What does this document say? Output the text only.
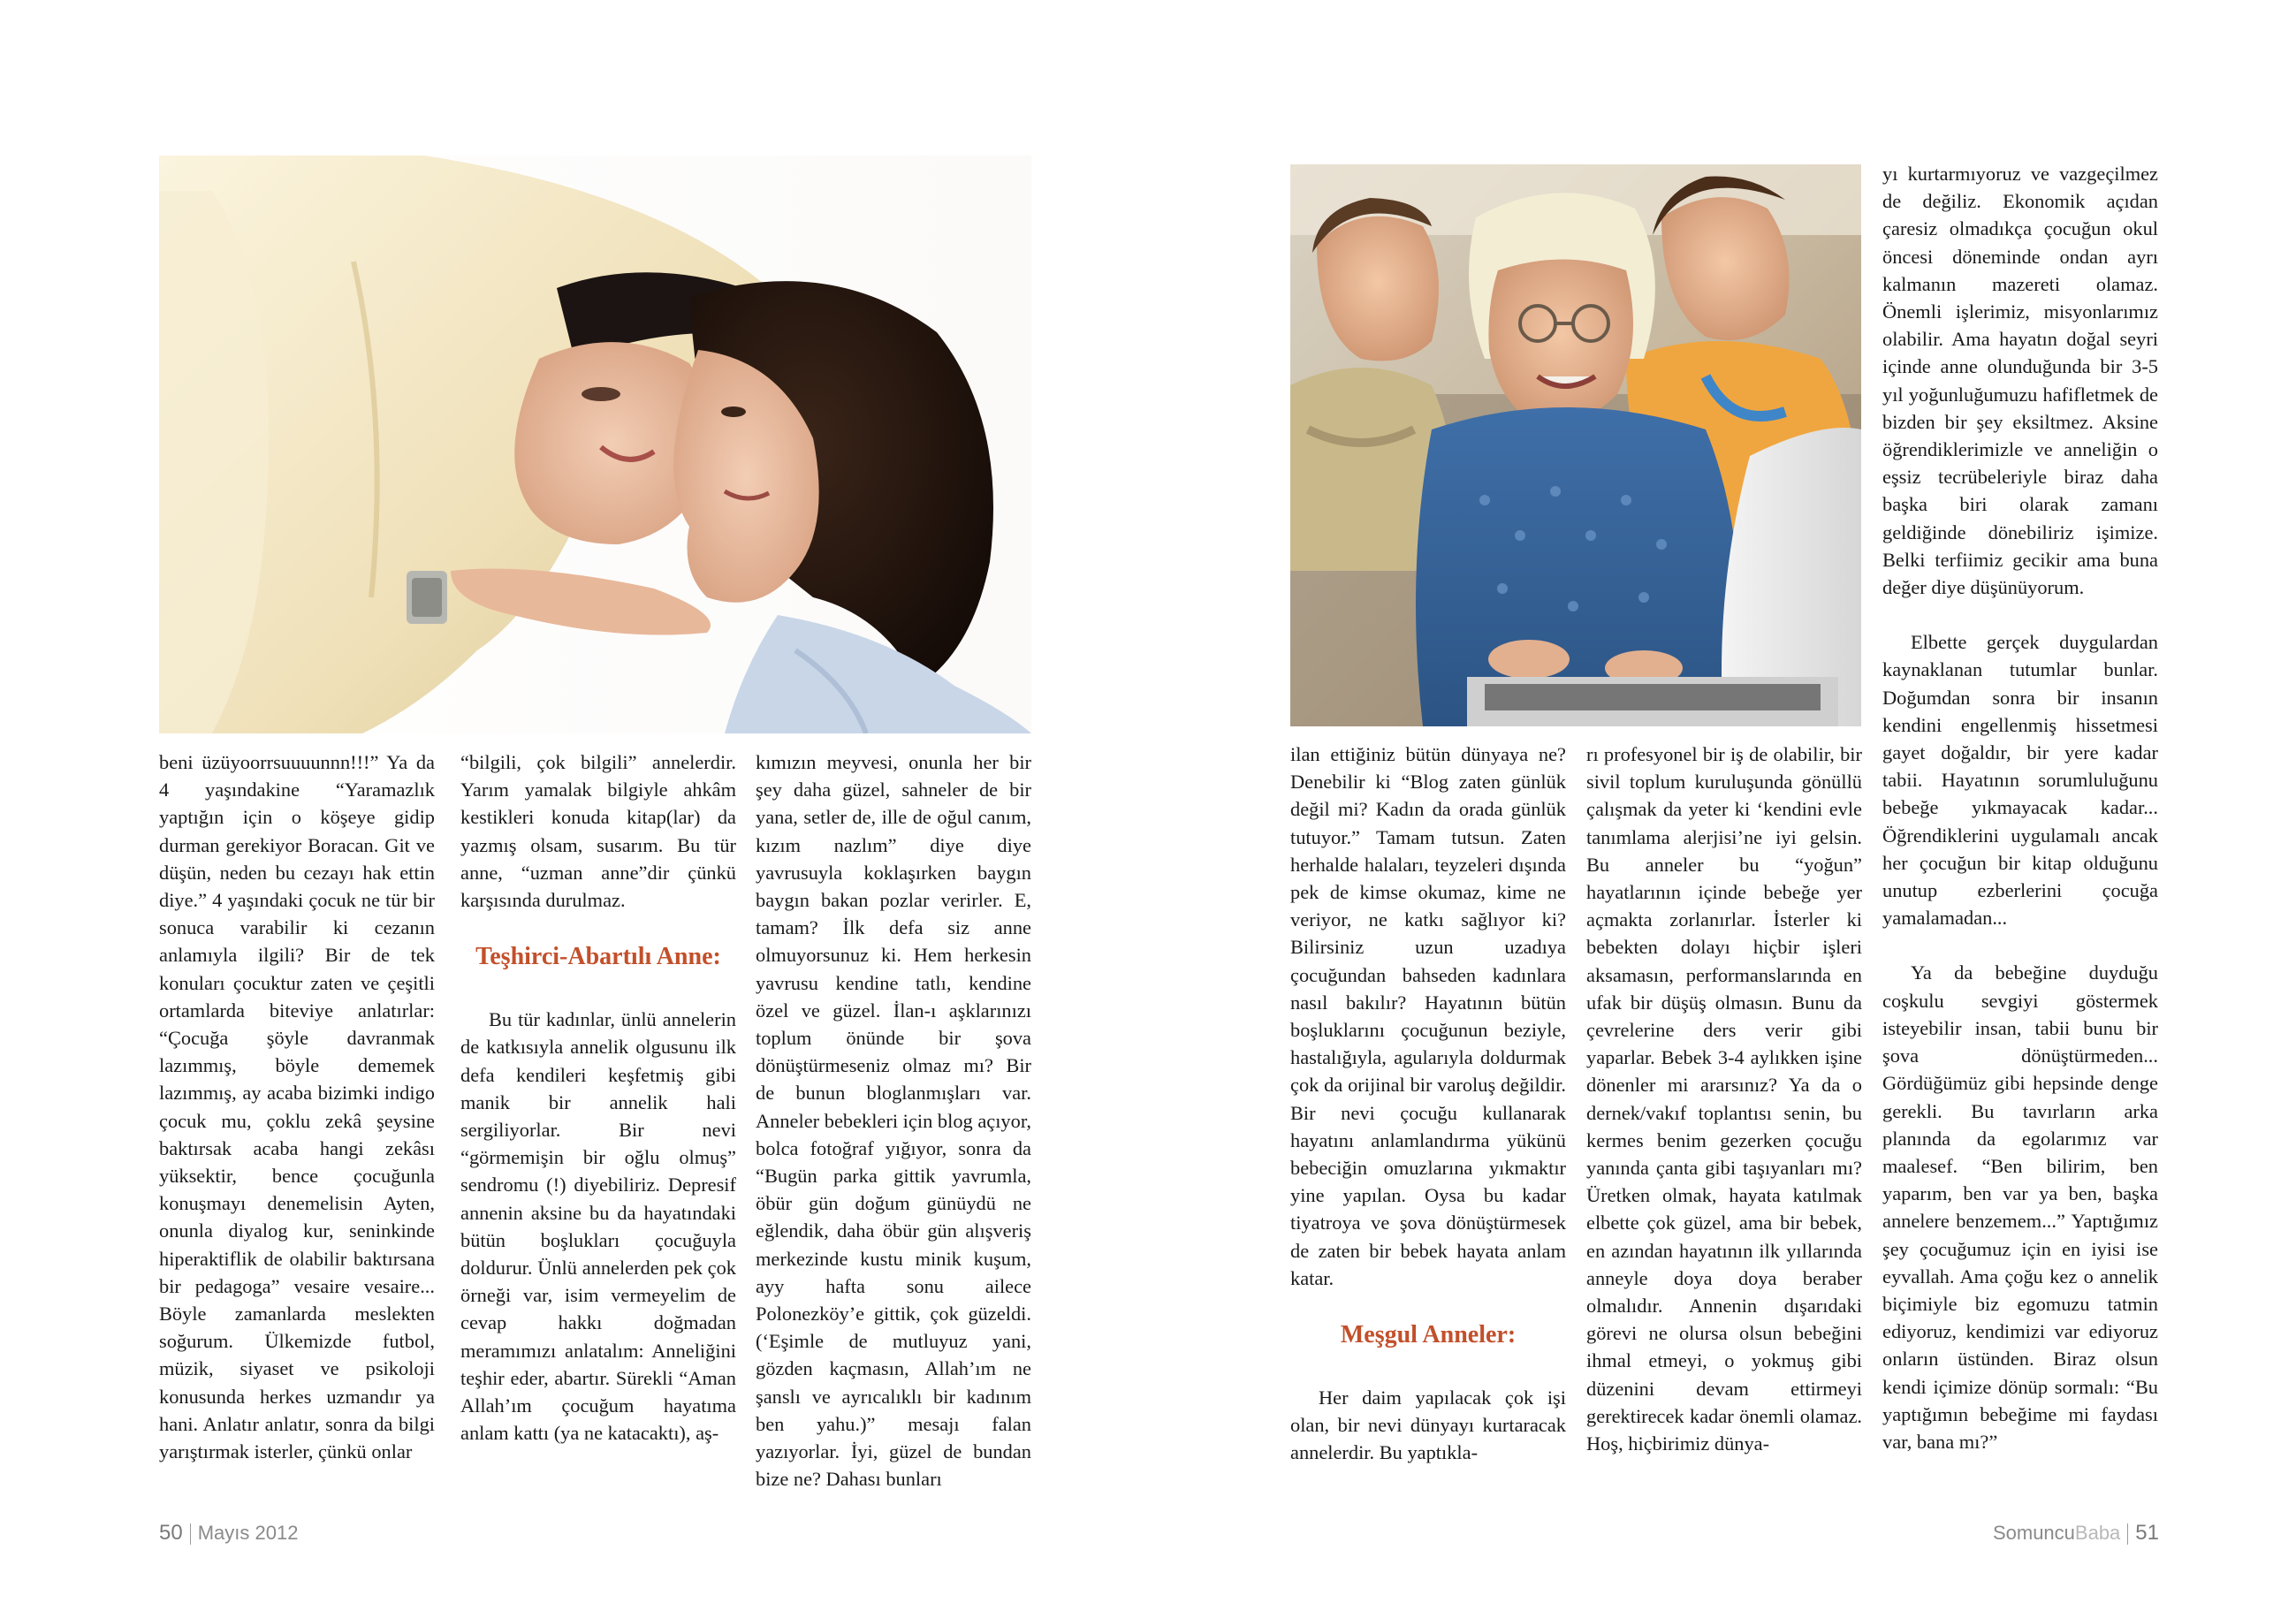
beni üzüyoorrsuuuunnn!!!” Ya da 4 yaşındakine “Yaramazlık yaptığın için o köşeye gidip durman gerekiyor Boracan. Git ve düşün, neden bu cezayı hak ettin diye.” 4 yaşındaki çocuk ne tür bir sonuca varabilir ki cezanın anlamıyla ilgili? Bir de tek konuları çocuktur zaten ve çeşitli ortamlarda biteviye anlatırlar: “Çocuğa şöyle davranmak lazımmış, böyle dememek lazımmış, ay acaba bizimki indigo çocuk mu, çoklu zekâ şeysine baktırsak acaba hangi zekâsı yüksektir, bence çocuğunla konuşmayı denemelisin Ayten, onunla diyalog kur, seninkinde hiperaktiflik de olabilir baktırsana bir pedagoga” vesaire vesaire... Böyle zamanlarda meslekten soğurum. Ülkemizde futbol, müzik, siyaset ve psikoloji konusunda herkes uzmandır ya hani. Anlatır anlatır, sonra da bilgi yarıştırmak isterler, çünkü onlar

“bilgili, çok bilgili” annelerdir. Yarım yamalak bilgiyle ahkâm kestikleri konuda kitap(lar) da yazmış olsam, susarım. Bu tür anne, “uzman anne”dir çünkü karşısında durulmaz.

Teşhirci-Abartılı Anne:

Bu tür kadınlar, ünlü annelerin de katkısıyla annelik olgusunu ilk defa kendileri keşfetmiş gibi manik bir annelik hali sergiliyorlar. Bir nevi “görmemişin bir oğlu olmuş” sendromu (!) diyebiliriz. Depresif annenin aksine bu da hayatındaki bütün boşlukları çocuğuyla doldurur. Ünlü annelerden pek çok örneği var, isim vermeyelim de cevap hakkı doğmadan meramımızı anlatalım: Anneliğini teşhir eder, abartır. Sürekli “Aman Allah’ım çocuğum hayatıma anlam kattı (ya ne katacaktı), aş-

kımızın meyvesi, onunla her bir şey daha güzel, sahneler de bir yana, setler de, ille de oğul canım, kızım nazlım” diye diye yavrusuyla koklaşırken baygın baygın bakan pozlar verirler. E, tamam? İlk defa siz anne olmuyorsunuz ki. Hem herkesin yavrusu kendine tatlı, kendine özel ve güzel. İlan-ı aşklarınızı toplum önünde bir şova dönüştürmeseniz olmaz mı? Bir de bunun bloglanmışları var. Anneler bebekleri için blog açıyor, bolca fotoğraf yığıyor, sonra da “Bugün parka gittik yavrumla, öbür gün doğum günüydü ne eğlendik, daha öbür gün alışveriş merkezinde kustu minik kuşum, ayy hafta sonu ailece Polonezköy’e gittik, çok güzeldi. (‘Eşimle de mutluyuz yani, gözden kaçmasın, Allah’ım ne şanslı ve ayrıcalıklı bir kadınım ben yahu.)” mesajı falan yazıyorlar. İyi, güzel de bundan bize ne? Dahası bunları

ilan ettiğiniz bütün dünyaya ne? Denebilir ki “Blog zaten günlük değil mi? Kadın da orada günlük tutuyor.” Tamam tutsun. Zaten herhalde halaları, teyzeleri dışında pek de kimse okumaz, kime ne veriyor, ne katkı sağlıyor ki? Bilirsiniz uzun uzadıya çocuğundan bahseden kadınlara nasıl bakılır? Hayatının bütün boşluklarını çocuğunun beziyle, hastalığıyla, agularıyla doldurmak çok da orijinal bir varoluş değildir. Bir nevi çocuğu kullanarak hayatını anlamlandırma yükünü bebeciğin omuzlarına yıkmaktır yine yapılan. Oysa bu kadar tiyatroya ve şova dönüştürmesek de zaten bir bebek hayata anlam katar.

Meşgul Anneler:

Her daim yapılacak çok işi olan, bir nevi dünyayı kurtaracak annelerdir. Bu yaptıkla-

rı profesyonel bir iş de olabilir, bir sivil toplum kuruluşunda gönüllü çalışmak da yeter ki ‘kendini evle tanımlama alerjisi’ne iyi gelsin. Bu anneler bu “yoğun” hayatlarının içinde bebeğe yer açmakta zorlanırlar. İsterler ki bebekten dolayı hiçbir işleri aksamasın, performanslarında en ufak bir düşüş olmasın. Bunu da çevrelerine ders verir gibi yaparlar. Bebek 3-4 aylıkken işine dönenler mi ararsınız? Ya da o dernek/vakıf toplantısı senin, bu kermes benim gezerken çocuğu yanında çanta gibi taşıyanları mı? Üretken olmak, hayata katılmak elbette çok güzel, ama bir bebek, en azından hayatının ilk yıllarında anneyle doya doya beraber olmalıdır. Annenin dışarıdaki görevi ne olursa olsun bebeğini ihmal etmeyi, o yokmuş gibi düzenini devam ettirmeyi gerektirecek kadar önemli olamaz. Hoş, hiçbirimiz dünya-

yı kurtarmıyoruz ve vazgeçilmez de değiliz. Ekonomik açıdan çaresiz olmadıkça çocuğun okul öncesi döneminde ondan ayrı kalmanın mazereti olamaz. Önemli işlerimiz, misyonlarımız olabilir. Ama hayatın doğal seyri içinde anne olunduğunda bir 3-5 yıl yoğunluğumuzu hafifletmek de bizden bir şey eksiltmez. Aksine öğrendiklerimizle ve anneliğin o eşsiz tecrübeleriyle biraz daha başka biri olarak zamanı geldiğinde dönebiliriz işimize. Belki terfiimiz gecikir ama buna değer diye düşünüyorum.

Elbette gerçek duygulardan kaynaklanan tutumlar bunlar. Doğumdan sonra bir insanın kendini engellenmiş hissetmesi gayet doğaldır, bir yere kadar tabii. Hayatının sorumluluğunu bebeğe yıkmayacak kadar... Öğrendiklerini uygulamalı ancak her çocuğun bir kitap olduğunu unutup ezberlerini çocuğa yamalamadan...

Ya da bebeğine duyduğu coşkulu sevgiyi göstermek isteyebilir insan, tabii bunu bir şova dönüştürmeden... Gördüğümüz gibi hepsinde denge gerekli. Bu tavırların arka planında da egolarımız var maalesef. “Ben bilirim, ben yaparım, ben var ya ben, başka annelere benzemem...” Yaptığımız şey çocuğumuz için en iyisi ise eyvallah. Ama çoğu kez o annelik biçimiyle biz egomuzu tatmin ediyoruz, kendimizi var ediyoruz onların üstünden. Biraz olsun kendi içimize dönüp sormalı: “Bu yaptığımın bebeğime mi faydası var, bana mı?”

50 Mayıs 2012	SomuncuBaba 51
